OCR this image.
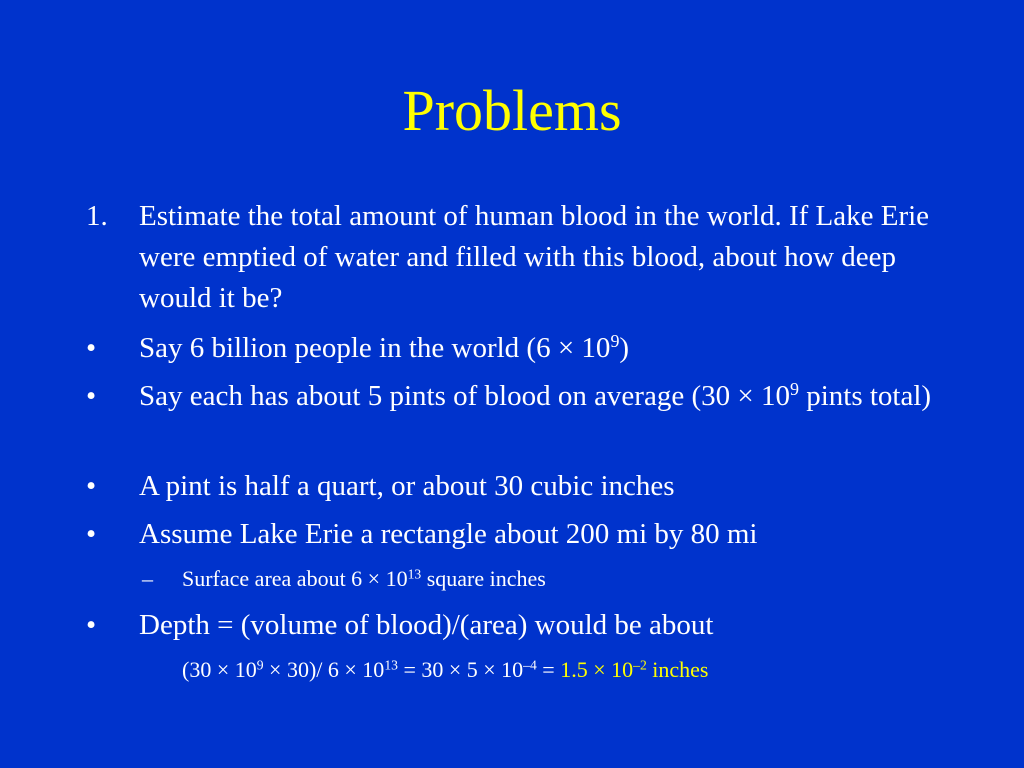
Problems
1. Estimate the total amount of human blood in the world. If Lake Erie were emptied of water and filled with this blood, about how deep would it be?
• Say 6 billion people in the world $(6 \times 10^9)$
• Say each has about 5 pints of blood on average ($30 \times 10^9$ pints total)
• A pint is half a quart, or about 30 cubic inches
• Assume Lake Erie a rectangle about 200 mi by 80 mi
– Surface area about $6 \times 10^{13}$ square inches
• Depth = (volume of blood)/(area) would be about
$(30 \times 10^9 \times 30)/$ $6 \times 10^{13} = 30 \times 5 \times 10^{-4} = 1.5 \times 10^{-2}$ inches
